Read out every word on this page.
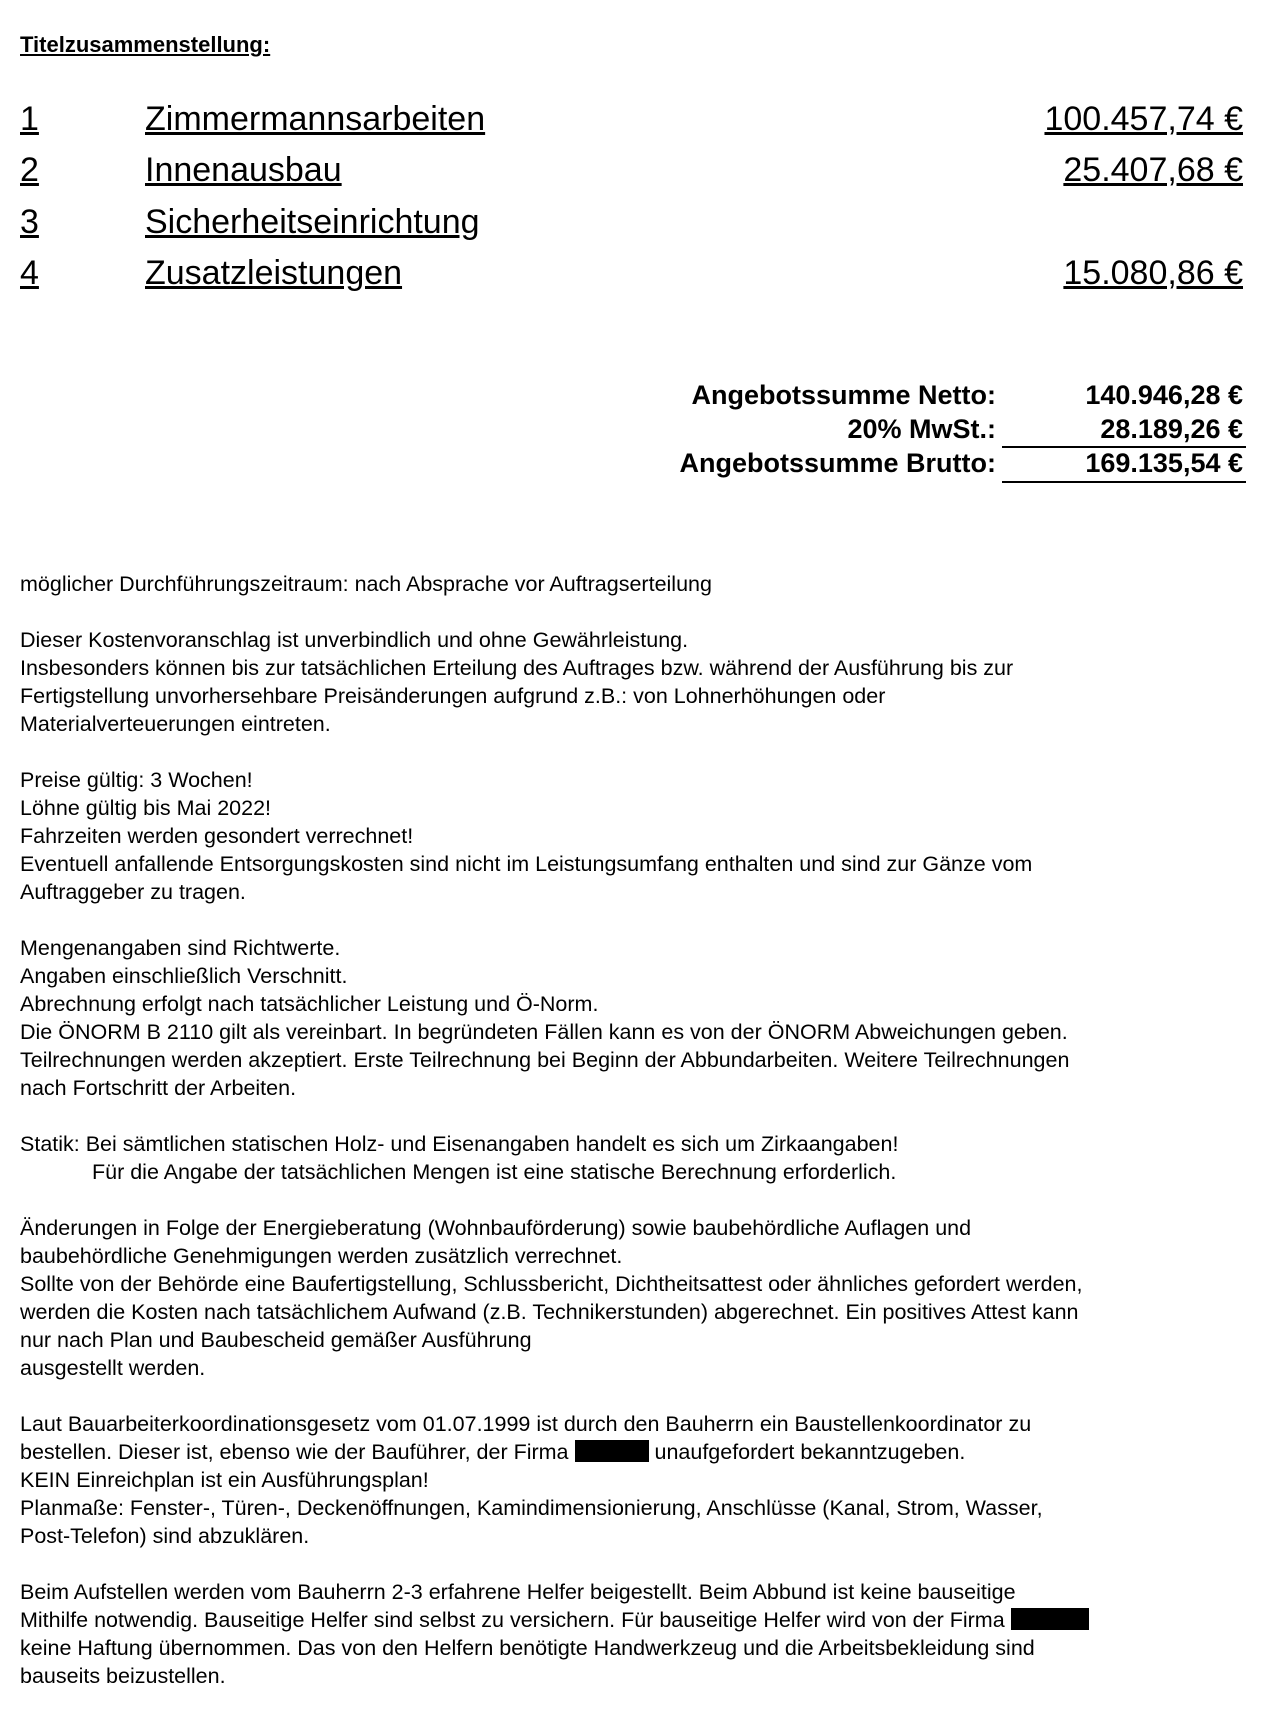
Titelzusammenstellung:
1	Zimmermannsarbeiten	100.457,74 €
2	Innenausbau	25.407,68 €
3	Sicherheitseinrichtung
4	Zusatzleistungen	15.080,86 €
Angebotssumme Netto:	140.946,28 €
20% MwSt.:	28.189,26 €
Angebotssumme Brutto:	169.135,54 €

möglicher Durchführungszeitraum: nach Absprache vor Auftragserteilung

Dieser Kostenvoranschlag ist unverbindlich und ohne Gewährleistung.
Insbesonders können bis zur tatsächlichen Erteilung des Auftrages bzw. während der Ausführung bis zur
Fertigstellung unvorhersehbare Preisänderungen aufgrund z.B.: von Lohnerhöhungen oder
Materialverteuerungen eintreten.

Preise gültig: 3 Wochen!
Löhne gültig bis Mai 2022!
Fahrzeiten werden gesondert verrechnet!
Eventuell anfallende Entsorgungskosten sind nicht im Leistungsumfang enthalten und sind zur Gänze vom
Auftraggeber zu tragen.

Mengenangaben sind Richtwerte.
Angaben einschließlich Verschnitt.
Abrechnung erfolgt nach tatsächlicher Leistung und Ö-Norm.
Die ÖNORM B 2110 gilt als vereinbart. In begründeten Fällen kann es von der ÖNORM Abweichungen geben.
Teilrechnungen werden akzeptiert. Erste Teilrechnung bei Beginn der Abbundarbeiten. Weitere Teilrechnungen
nach Fortschritt der Arbeiten.

Statik: Bei sämtlichen statischen Holz- und Eisenangaben handelt es sich um Zirkaangaben!
Für die Angabe der tatsächlichen Mengen ist eine statische Berechnung erforderlich.

Änderungen in Folge der Energieberatung (Wohnbauförderung) sowie baubehördliche Auflagen und
baubehördliche Genehmigungen werden zusätzlich verrechnet.
Sollte von der Behörde eine Baufertigstellung, Schlussbericht, Dichtheitsattest oder ähnliches gefordert werden,
werden die Kosten nach tatsächlichem Aufwand (z.B. Technikerstunden) abgerechnet. Ein positives Attest kann
nur nach Plan und Baubescheid gemäßer Ausführung
ausgestellt werden.

Laut Bauarbeiterkoordinationsgesetz vom 01.07.1999 ist durch den Bauherrn ein Baustellenkoordinator zu
bestellen. Dieser ist, ebenso wie der Bauführer, der Firma	unaufgefordert bekanntzugeben.
KEIN Einreichplan ist ein Ausführungsplan!
Planmaße: Fenster-, Türen-, Deckenöffnungen, Kamindimensionierung, Anschlüsse (Kanal, Strom, Wasser,
Post-Telefon) sind abzuklären.

Beim Aufstellen werden vom Bauherrn 2-3 erfahrene Helfer beigestellt. Beim Abbund ist keine bauseitige
Mithilfe notwendig. Bauseitige Helfer sind selbst zu versichern. Für bauseitige Helfer wird von der Firma
keine Haftung übernommen. Das von den Helfern benötigte Handwerkzeug und die Arbeitsbekleidung sind
bauseits beizustellen.
